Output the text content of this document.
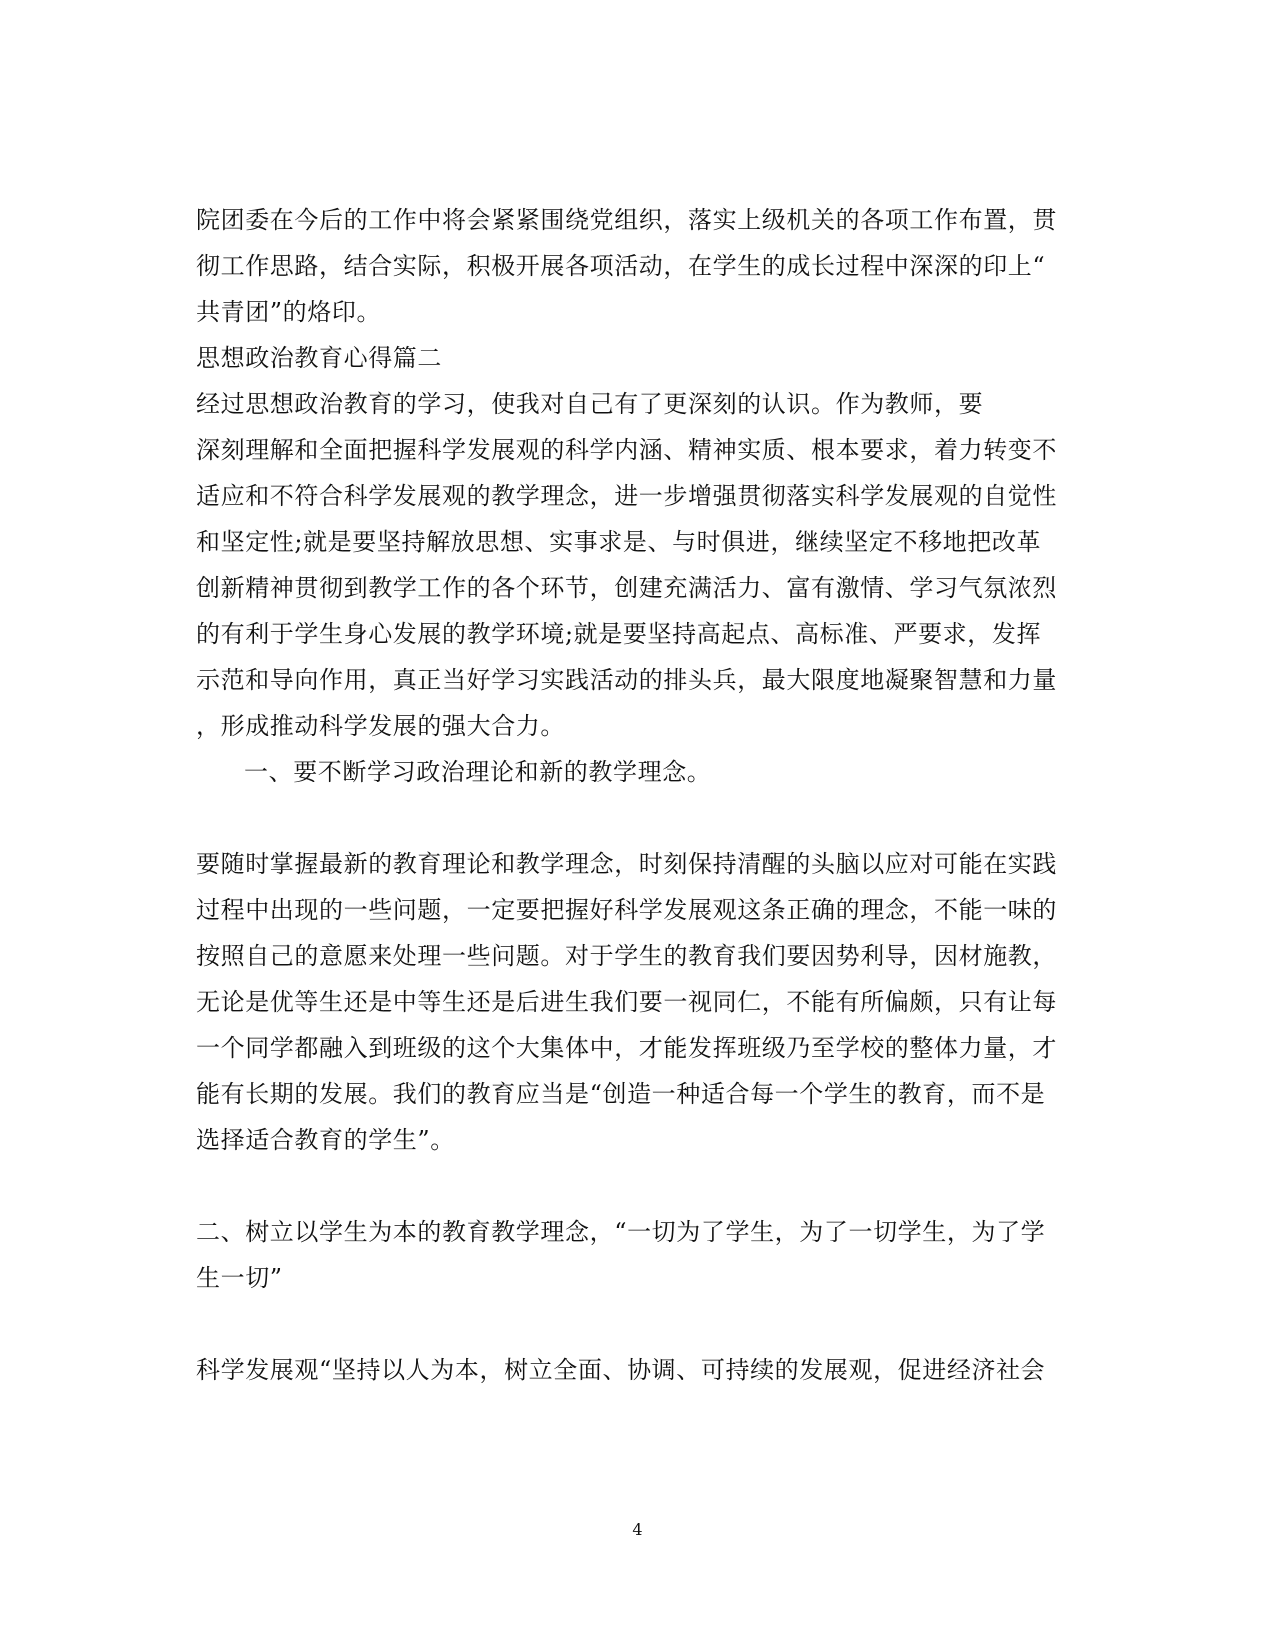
院团委在今后的工作中将会紧紧围绕党组织，落实上级机关的各项工作布置，贯
彻工作思路，结合实际，积极开展各项活动，在学生的成长过程中深深的印上“
共青团”的烙印。
思想政治教育心得篇二
经过思想政治教育的学习，使我对自己有了更深刻的认识。作为教师，要
深刻理解和全面把握科学发展观的科学内涵、精神实质、根本要求，着力转变不
适应和不符合科学发展观的教学理念，进一步增强贯彻落实科学发展观的自觉性
和坚定性;就是要坚持解放思想、实事求是、与时俱进，继续坚定不移地把改革
创新精神贯彻到教学工作的各个环节，创建充满活力、富有激情、学习气氛浓烈
的有利于学生身心发展的教学环境;就是要坚持高起点、高标准、严要求，发挥
示范和导向作用，真正当好学习实践活动的排头兵，最大限度地凝聚智慧和力量
，形成推动科学发展的强大合力。
一、要不断学习政治理论和新的教学理念。
要随时掌握最新的教育理论和教学理念，时刻保持清醒的头脑以应对可能在实践
过程中出现的一些问题，一定要把握好科学发展观这条正确的理念，不能一味的
按照自己的意愿来处理一些问题。对于学生的教育我们要因势利导，因材施教，
无论是优等生还是中等生还是后进生我们要一视同仁，不能有所偏颇，只有让每
一个同学都融入到班级的这个大集体中，才能发挥班级乃至学校的整体力量，才
能有长期的发展。我们的教育应当是“创造一种适合每一个学生的教育，而不是
选择适合教育的学生”。
二、树立以学生为本的教育教学理念，“一切为了学生，为了一切学生，为了学
生一切”
科学发展观“坚持以人为本，树立全面、协调、可持续的发展观，促进经济社会
4
